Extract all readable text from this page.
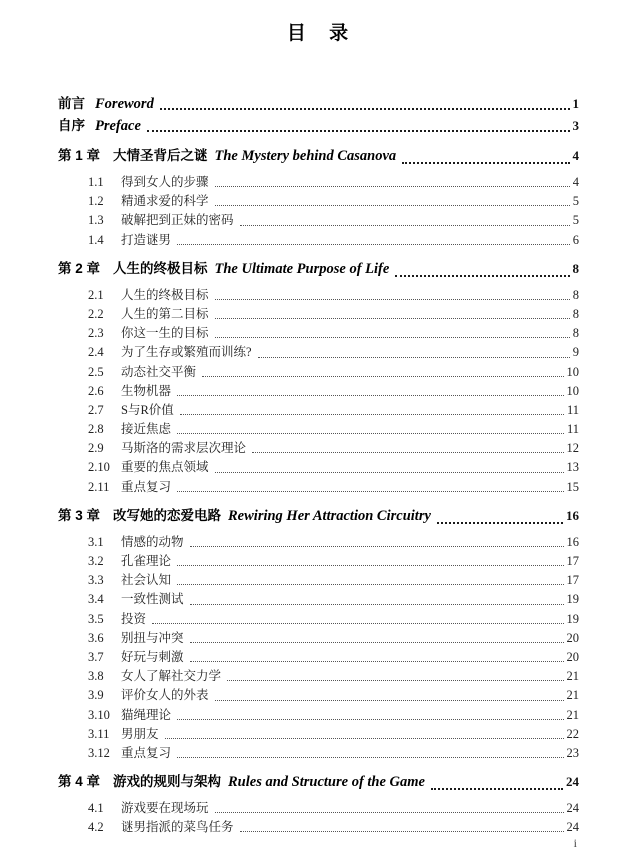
目 录
前言 Foreword	1
自序 Preface	3
第 1 章 大情圣背后之谜 The Mystery behind Casanova	4
1.1	得到女人的步骤	4
1.2	精通求爱的科学	5
1.3	破解把到正妹的密码	5
1.4	打造谜男	6
第 2 章 人生的终极目标 The Ultimate Purpose of Life	8
2.1	人生的终极目标	8
2.2	人生的第二目标	8
2.3	你这一生的目标	8
2.4	为了生存或繁殖而训练?	9
2.5	动态社交平衡	10
2.6	生物机器	10
2.7	S与R价值	11
2.8	接近焦虑	11
2.9	马斯洛的需求层次理论	12
2.10 重要的焦点领域	13
2.11 重点复习	15
第 3 章 改写她的恋爱电路 Rewiring Her Attraction Circuitry	16
3.1	情感的动物	16
3.2	孔雀理论	17
3.3	社会认知	17
3.4	一致性测试	19
3.5	投资	19
3.6	别扭与冲突	20
3.7	好玩与刺激	20
3.8	女人了解社交力学	21
3.9	评价女人的外表	21
3.10 猫绳理论	21
3.11 男朋友	22
3.12 重点复习	23
第 4 章 游戏的规则与架构 Rules and Structure of the Game	24
4.1	游戏要在现场玩	24
4.2	谜男指派的菜鸟任务	24
i
